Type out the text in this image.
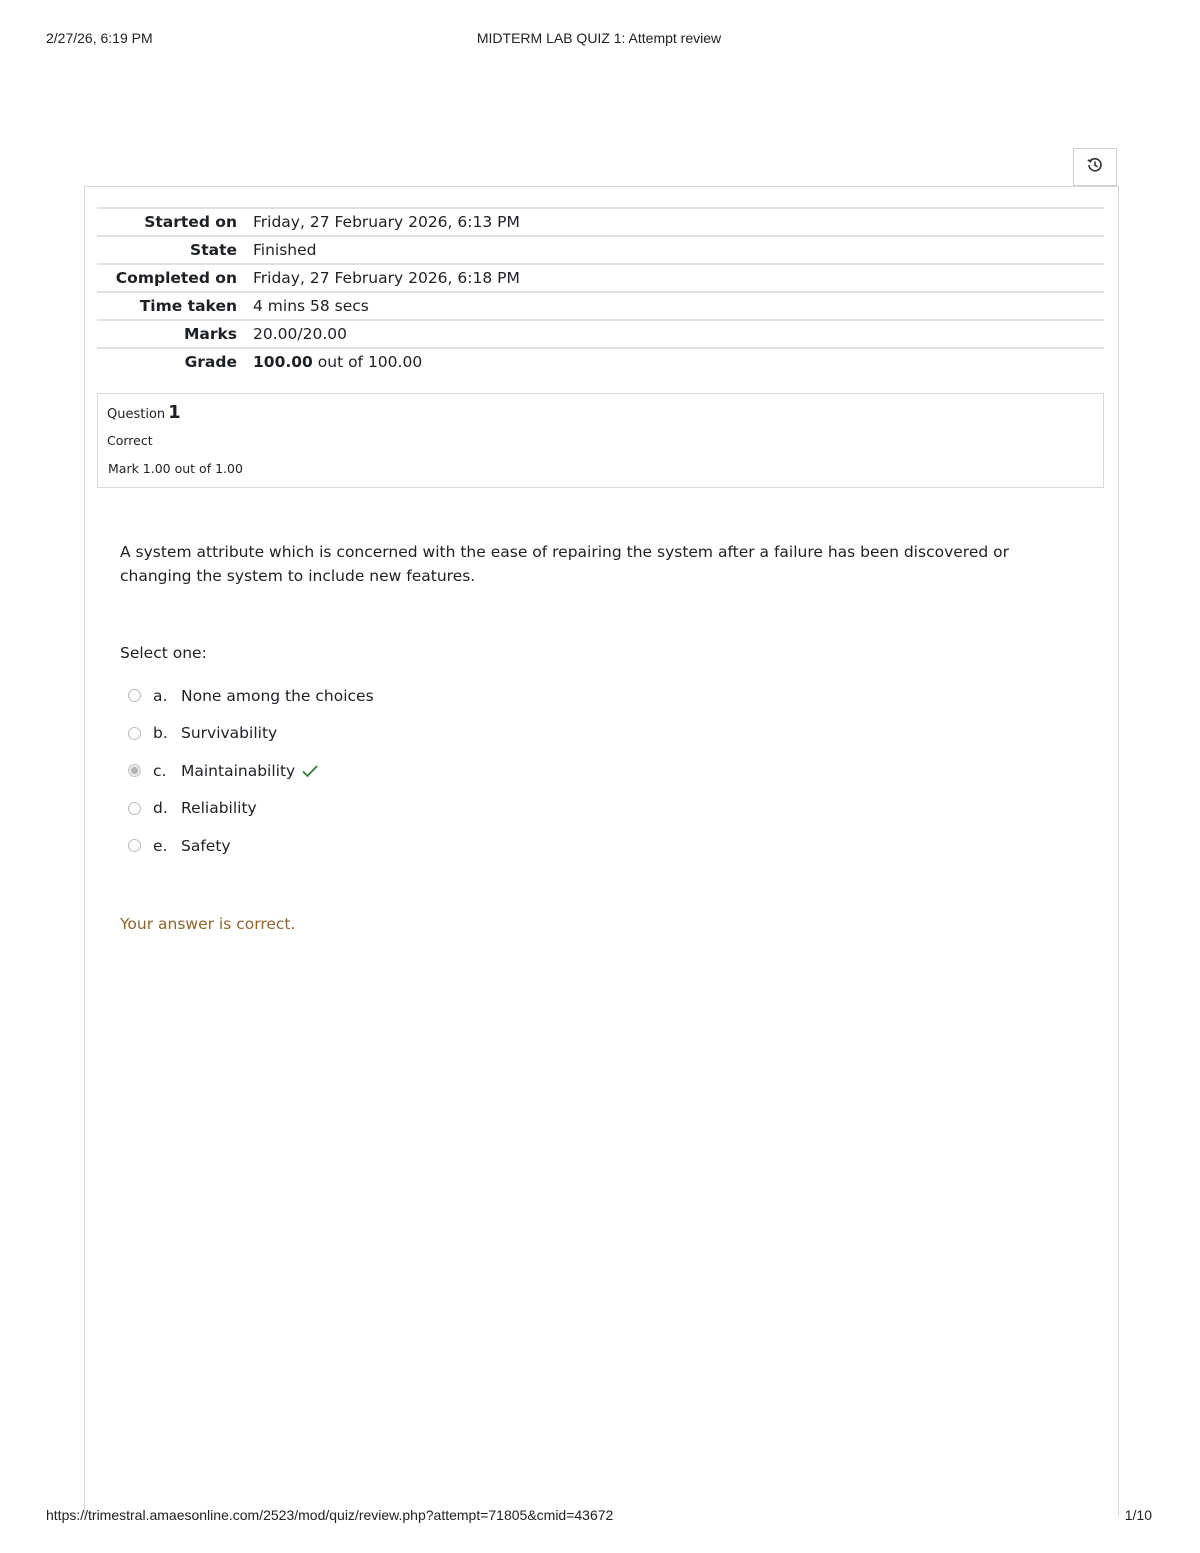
2/27/26, 6:19 PM	MIDTERM LAB QUIZ 1: Attempt review
Started on	Friday, 27 February 2026, 6:13 PM
State	Finished
Completed on	Friday, 27 February 2026, 6:18 PM
Time taken	4 mins 58 secs
Marks	20.00/20.00
Grade	100.00 out of 100.00
Question 1
Correct
Mark 1.00 out of 1.00
A system attribute which is concerned with the ease of repairing the system after a failure has been discovered or changing the system to include new features.
Select one:
a. None among the choices
b. Survivability
c. Maintainability
d. Reliability
e. Safety
Your answer is correct.
https://trimestral.amaesonline.com/2523/mod/quiz/review.php?attempt=71805&cmid=43672	1/10
